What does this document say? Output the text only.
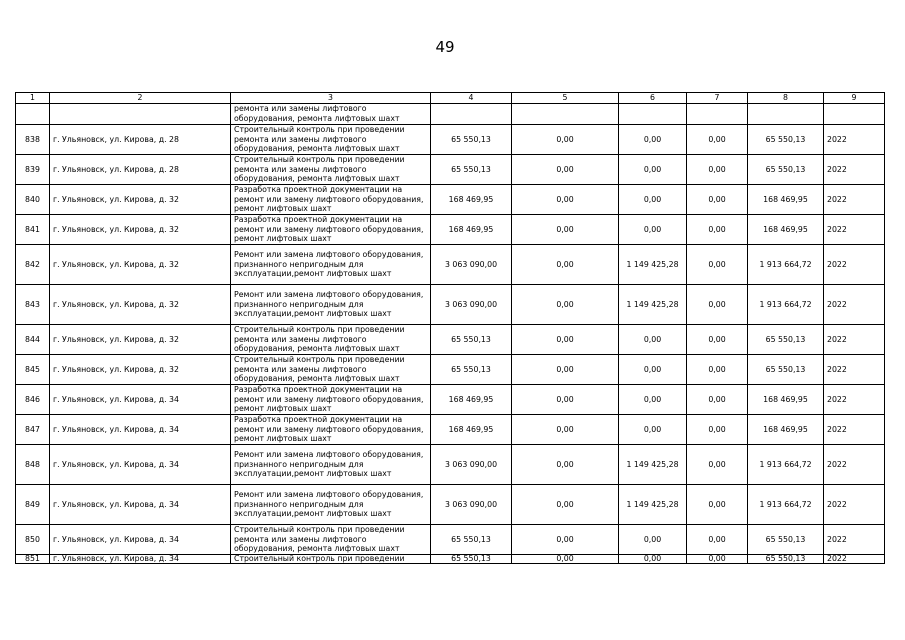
49
1	2	3	4	5	6	7	8	9
		ремонта или замены лифтового оборудования, ремонта лифтовых шахт						
838	г. Ульяновск, ул. Кирова, д. 28	Строительный контроль при проведении ремонта или замены лифтового оборудования, ремонта лифтовых шахт	65 550,13	0,00	0,00	0,00	65 550,13	2022
839	г. Ульяновск, ул. Кирова, д. 28	Строительный контроль при проведении ремонта или замены лифтового оборудования, ремонта лифтовых шахт	65 550,13	0,00	0,00	0,00	65 550,13	2022
840	г. Ульяновск, ул. Кирова, д. 32	Разработка проектной документации на ремонт или замену лифтового оборудования, ремонт лифтовых шахт	168 469,95	0,00	0,00	0,00	168 469,95	2022
841	г. Ульяновск, ул. Кирова, д. 32	Разработка проектной документации на ремонт или замену лифтового оборудования, ремонт лифтовых шахт	168 469,95	0,00	0,00	0,00	168 469,95	2022
842	г. Ульяновск, ул. Кирова, д. 32	Ремонт или замена лифтового оборудования, признанного непригодным для эксплуатации,ремонт лифтовых шахт	3 063 090,00	0,00	1 149 425,28	0,00	1 913 664,72	2022
843	г. Ульяновск, ул. Кирова, д. 32	Ремонт или замена лифтового оборудования, признанного непригодным для эксплуатации,ремонт лифтовых шахт	3 063 090,00	0,00	1 149 425,28	0,00	1 913 664,72	2022
844	г. Ульяновск, ул. Кирова, д. 32	Строительный контроль при проведении ремонта или замены лифтового оборудования, ремонта лифтовых шахт	65 550,13	0,00	0,00	0,00	65 550,13	2022
845	г. Ульяновск, ул. Кирова, д. 32	Строительный контроль при проведении ремонта или замены лифтового оборудования, ремонта лифтовых шахт	65 550,13	0,00	0,00	0,00	65 550,13	2022
846	г. Ульяновск, ул. Кирова, д. 34	Разработка проектной документации на ремонт или замену лифтового оборудования, ремонт лифтовых шахт	168 469,95	0,00	0,00	0,00	168 469,95	2022
847	г. Ульяновск, ул. Кирова, д. 34	Разработка проектной документации на ремонт или замену лифтового оборудования, ремонт лифтовых шахт	168 469,95	0,00	0,00	0,00	168 469,95	2022
848	г. Ульяновск, ул. Кирова, д. 34	Ремонт или замена лифтового оборудования, признанного непригодным для эксплуатации,ремонт лифтовых шахт	3 063 090,00	0,00	1 149 425,28	0,00	1 913 664,72	2022
849	г. Ульяновск, ул. Кирова, д. 34	Ремонт или замена лифтового оборудования, признанного непригодным для эксплуатации,ремонт лифтовых шахт	3 063 090,00	0,00	1 149 425,28	0,00	1 913 664,72	2022
850	г. Ульяновск, ул. Кирова, д. 34	Строительный контроль при проведении ремонта или замены лифтового оборудования, ремонта лифтовых шахт	65 550,13	0,00	0,00	0,00	65 550,13	2022
851	г. Ульяновск, ул. Кирова, д. 34	Строительный контроль при проведении	65 550,13	0,00	0,00	0,00	65 550,13	2022
